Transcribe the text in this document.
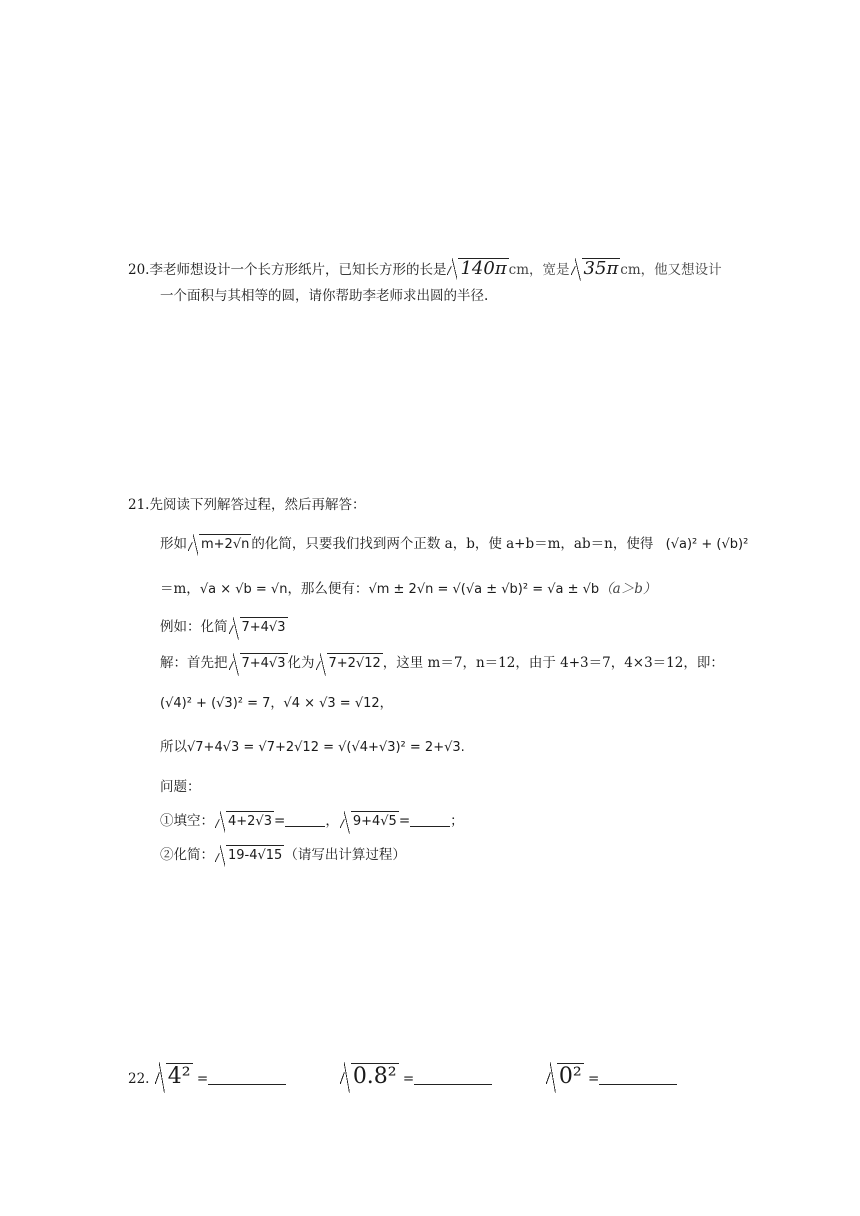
20.李老师想设计一个长方形纸片，已知长方形的长是 140π cm，宽是 35π cm，他又想设计
一个面积与其相等的圆，请你帮助李老师求出圆的半径.
21.先阅读下列解答过程，然后再解答：
形如 m+2√n 的化简，只要我们找到两个正数 a，b，使 a+b＝m，ab＝n，使得 (√a)² + (√b)²
＝m，√a × √b = √n，那么便有：√m ± 2√n = √(√a ± √b)² = √a ± √b（a＞b）
例如：化简 7+4√3
解：首先把 7+4√3 化为 7+2√12 ，这里 m＝7，n＝12，由于 4+3＝7，4×3＝12，即：
(√4)² + (√3)² = 7，√4 × √3 = √12，
所以√7+4√3 = √7+2√12 = √(√4+√3)² = 2+√3.
问题：
①填空： 4+2√3 =	， 9+4√5 =	；
②化简： 19-4√15 （请写出计算过程）
22. 4² =	0.8² =	0² =
